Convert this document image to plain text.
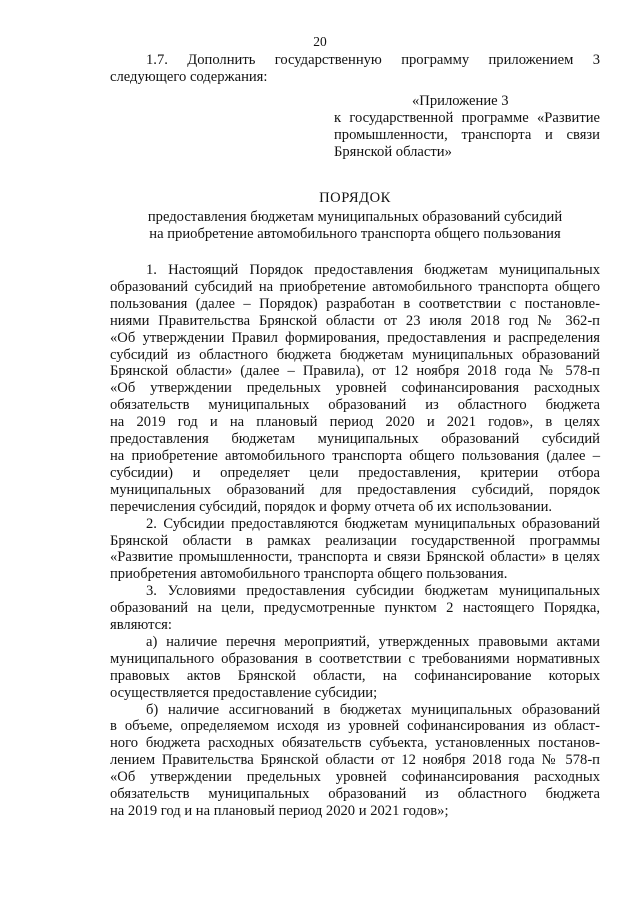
20

1.7. Дополнить государственную программу приложением 3 следующего содержания:

«Приложение 3
к государственной программе «Развитие
промышленности, транспорта и связи
Брянской области»
ПОРЯДОК
предоставления бюджетам муниципальных образований субсидий
на приобретение автомобильного транспорта общего пользования
1. Настоящий Порядок предоставления бюджетам муниципальных
образований субсидий на приобретение автомобильного транспорта общего
пользования (далее – Порядок) разработан в соответствии с постановле-
ниями Правительства Брянской области от 23 июля 2018 год № 362-п
«Об утверждении Правил формирования, предоставления и распределения
субсидий из областного бюджета бюджетам муниципальных образований
Брянской области» (далее – Правила), от 12 ноября 2018 года № 578-п
«Об утверждении предельных уровней софинансирования расходных
обязательств муниципальных образований из областного бюджета
на 2019 год и на плановый период 2020 и 2021 годов», в целях
предоставления бюджетам муниципальных образований субсидий
на приобретение автомобильного транспорта общего пользования (далее –
субсидии) и определяет цели предоставления, критерии отбора
муниципальных образований для предоставления субсидий, порядок
перечисления субсидий, порядок и форму отчета об их использовании.
2. Субсидии предоставляются бюджетам муниципальных образований
Брянской области в рамках реализации государственной программы
«Развитие промышленности, транспорта и связи Брянской области» в целях
приобретения автомобильного транспорта общего пользования.
3. Условиями предоставления субсидии бюджетам муниципальных
образований на цели, предусмотренные пунктом 2 настоящего Порядка,
являются:
а) наличие перечня мероприятий, утвержденных правовыми актами
муниципального образования в соответствии с требованиями нормативных
правовых актов Брянской области, на софинансирование которых
осуществляется предоставление субсидии;
б) наличие ассигнований в бюджетах муниципальных образований
в объеме, определяемом исходя из уровней софинансирования из област-
ного бюджета расходных обязательств субъекта, установленных постанов-
лением Правительства Брянской области от 12 ноября 2018 года № 578-п
«Об утверждении предельных уровней софинансирования расходных
обязательств муниципальных образований из областного бюджета
на 2019 год и на плановый период 2020 и 2021 годов»;
